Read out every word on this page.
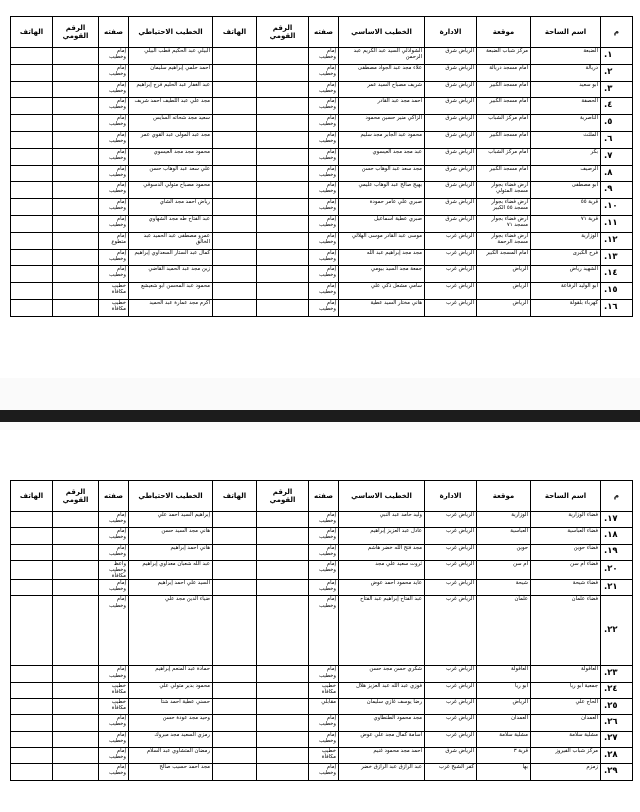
م	اسم الساحة	موقعة	الادارة	الخطيب الاساسي	صفته	الرقم القومي	الهاتف	الخطيب الاحتياطي	صفته	الرقم القومي	الهاتف
١.	الضبعة	مركز شباب الضبعة	الرياض شرق	الشواذلي السيد عبد الكريم عبد الرحمن	إمام وخطيب			البيلي عبد الحكيم قطب البيلي	إمام وخطيب		
٢.	دريالة	أمام مسجد دريالة	الرياض شرق	علاء مجد عبد الجواد مصطفى	إمام وخطيب			أحمد حلمي إبراهيم سليمان	إمام وخطيب		
٣.	أبو سعيد	أمام مسجد الكبير	الرياض شرق	شريف مصباح السيد عمر	إمام وخطيب			عبد الغفار عبد الحليم فرج إبراهيم	إمام وخطيب		
٤.	الحصفة	أمام مسجد الكبير	الرياض شرق	أحمد مجد عبد القادر	إمام وخطيب			مجد علي عبد اللطيف أحمد شريف	إمام وخطيب		
٥.	الناصرية	أمام مركز الشباب	الرياض شرق	الزاكي منير حسين محمود	إمام وخطيب			سعيد مجد شحاته السايس	إمام وخطيب		
٦.	الملثث	أمام مسجد الكبير	الرياض شرق	محمود عبد الجابر مجد سليم	إمام وخطيب			مجد عبد المولى عبد القوي عمر	إمام وخطيب		
٧.	بكر	أمام مركز الشباب	الرياض شرق	عبد مجد مجد العيسوي	إمام وخطيب			محمود مجد مجد العيسوي	إمام وخطيب		
٨.	الرصيف	أمام مسجد الكبير	الرياض شرق	مجد سعد عبد الوهاب حسن	إمام وخطيب			علي سعد عبد الوهاب حسن	إمام وخطيب		
٩.	أبو مصطفى	أرض فضاء بجوار مسجد المتولي	الرياض شرق	بهيج صالح عبد الوهاب عليمي	إمام وخطيب			محمود مصباح متولي الدسوقي	إمام وخطيب		
١٠.	قرية ٥٥	أرض فضاء بجوار مسجد ٥٥ الكبير	الرياض شرق	صبري علي عامر حمودة	إمام وخطيب			رياض أحمد مجد الشاي	إمام وخطيب		
١١.	قرية ٧١	أرض فضاء بجوار مسجد ٧١	الرياض شرق	صبري عطية اسماعيل	إمام وخطيب			عبد الفتاح طه مجد الشهاوي	إمام وخطيب		
١٢.	الوزارية	أرض فضاء بجوار مسجد الرحمة	الرياض غرب	موسى عبد القادر موسى الهلالي	إمام وخطيب			عمرو مصطفى عبد الحميد عبد الخالق	إمام متطوع		
١٣.	فرح الكبرى	أمام المسجد الكبير	الرياض غرب	مجد مجد إبراهيم عبد الله	إمام وخطيب			كمال عبد الستار السعداوي إبراهيم	إمام وخطيب		
١٤.	الشهيد رياض	الرياض	الرياض غرب	جمعة مجد السيد بيومي	إمام وخطيب			زين مجد عبد الحميد القاضي	إمام وخطيب		
١٥.	أبو الوليد الرفاعة	الرياض	الرياض غرب	سامي مشعل ذكي علي	إمام وخطيب			محمود عبد المحسن أبو شعيشع	خطيب مكافأة		
١٦.	كهرباء بلقولة	الرياض	الرياض غرب	هاني مختار السيد عطية	إمام وخطيب			أكرم مجد عمارة عبد الحميد	خطيب مكافأة		
م	اسم الساحة	موقعة	الادارة	الخطيب الاساسي	صفته	الرقم القومي	الهاتف	الخطيب الاحتياطي	صفته	الرقم القومي	الهاتف
١٧.	فضاء الوزارية	الوزارية	الرياض غرب	وليد حامد عبد النبي	إمام وخطيب			إبراهيم السيد أحمد علي	إمام وخطيب		
١٨.	فضاء العباسية	العباسية	الرياض غرب	عادل عبد العزيز إبراهيم	إمام وخطيب			هاني مجد السيد حسن	إمام وخطيب		
١٩.	فضاء حوين	حوين	الرياض غرب	مجد فتح الله خضر هاشم	إمام وخطيب			هاني أحمد إبراهيم	إمام وخطيب		
٢٠.	فضاء أم سن	أم سن	الرياض غرب	ثروت سعيد علي مجد	إمام وخطيب			عبد الله شعبان معداوي إبراهيم	واعظ وخطيب مكافأة		
٢١.	فضاء شيحة	شيحة	الرياض غرب	عايد محمود أحمد عوض	إمام وخطيب			السيد علي أحمد إبراهيم	إمام وخطيب		
٢٢.	فضاء علمان	علمان	الرياض غرب	عبد الفتاح إبراهيم عبد الفتاح	إمام وخطيب			ضياء الدين مجد علي	إمام وخطيب		
٢٣.	العاقولة	العاقولة	الرياض غرب	شكري حسن مجد حسن	إمام وخطيب			حمادة عبد المنعم إبراهيم	إمام وخطيب		
٢٤.	جمعية أبو ريا	أبو ريا	الرياض غرب	فوزي عبد الله عبد العزيز هلال	خطيب مكافأة			محمود بدير متولي علي	خطيب مكافأة		
٢٥.	الحاج علي	الرياض	الرياض غرب	رضا يوسف غازي سليمان	مقابلي			حسني عطية أحمد شتا	خطيب مكافأة		
٢٦.	العمدان	العمدان	الرياض غرب	مجد محمود الطنطاوي	إمام وخطيب			وحيد مجد عودة حسن	إمام وخطيب		
٢٧.	مشلية سلامة	مشلية سلامة	الرياض غرب	اسامة كمال مجد علي عوض	إمام وخطيب			رمزي السعيد مجد مبروك	إمام وخطيب		
٢٨.	مركز شباب الفيروز	قرية ٣	الرياض شرق	أحمد مجد محمود غنيم	خطيب مكافأة			رمضان المتشاوي عبد السلام	إمام وخطيب		
٢٩.	زمزم	بها	كفر الشيخ غرب	عبد الرازق عبد الرازق خضر	إمام وخطيب			مجد أحمد حسيب صالح	إمام وخطيب		
